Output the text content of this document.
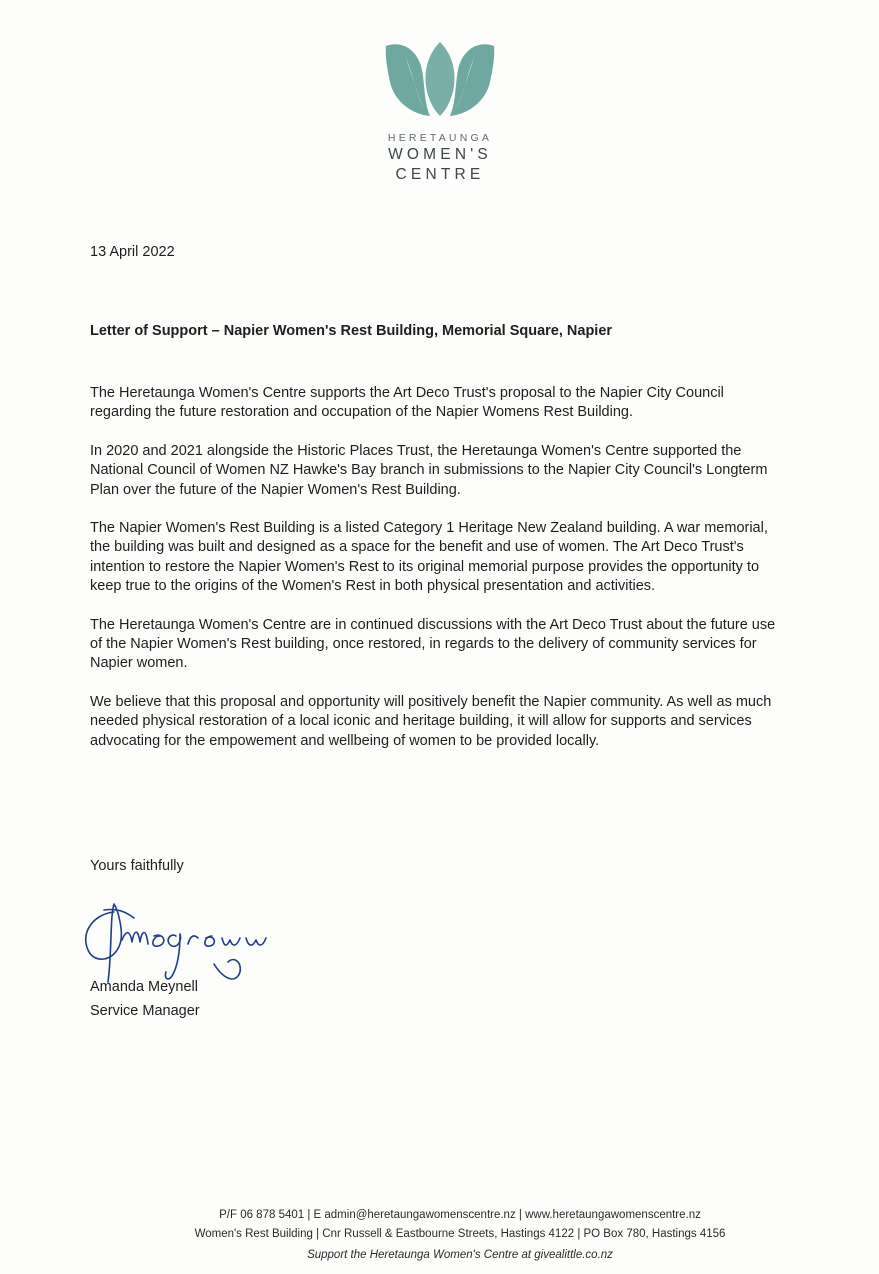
HERETAUNGA
WOMEN'S
CENTRE
13 April 2022
Letter of Support – Napier Women's Rest Building, Memorial Square, Napier

The Heretaunga Women's Centre supports the Art Deco Trust's proposal to the Napier City Council regarding the future restoration and occupation of the Napier Womens Rest Building.

In 2020 and 2021 alongside the Historic Places Trust, the Heretaunga Women's Centre supported the National Council of Women NZ Hawke's Bay branch in submissions to the Napier City Council's Longterm Plan over the future of the Napier Women's Rest Building.

The Napier Women's Rest Building is a listed Category 1 Heritage New Zealand building. A war memorial, the building was built and designed as a space for the benefit and use of women. The Art Deco Trust's intention to restore the Napier Women's Rest to its original memorial purpose provides the opportunity to keep true to the origins of the Women's Rest in both physical presentation and activities.

The Heretaunga Women's Centre are in continued discussions with the Art Deco Trust about the future use of the Napier Women's Rest building, once restored, in regards to the delivery of community services for Napier women.

We believe that this proposal and opportunity will positively benefit the Napier community. As well as much needed physical restoration of a local iconic and heritage building, it will allow for supports and services advocating for the empowement and wellbeing of women to be provided locally.

Yours faithfully
Amanda Meynell
Service Manager
P/F 06 878 5401 | E admin@heretaungawomenscentre.nz | www.heretaungawomenscentre.nz
Women's Rest Building | Cnr Russell & Eastbourne Streets, Hastings 4122 | PO Box 780, Hastings 4156
Support the Heretaunga Women's Centre at givealittle.co.nz
